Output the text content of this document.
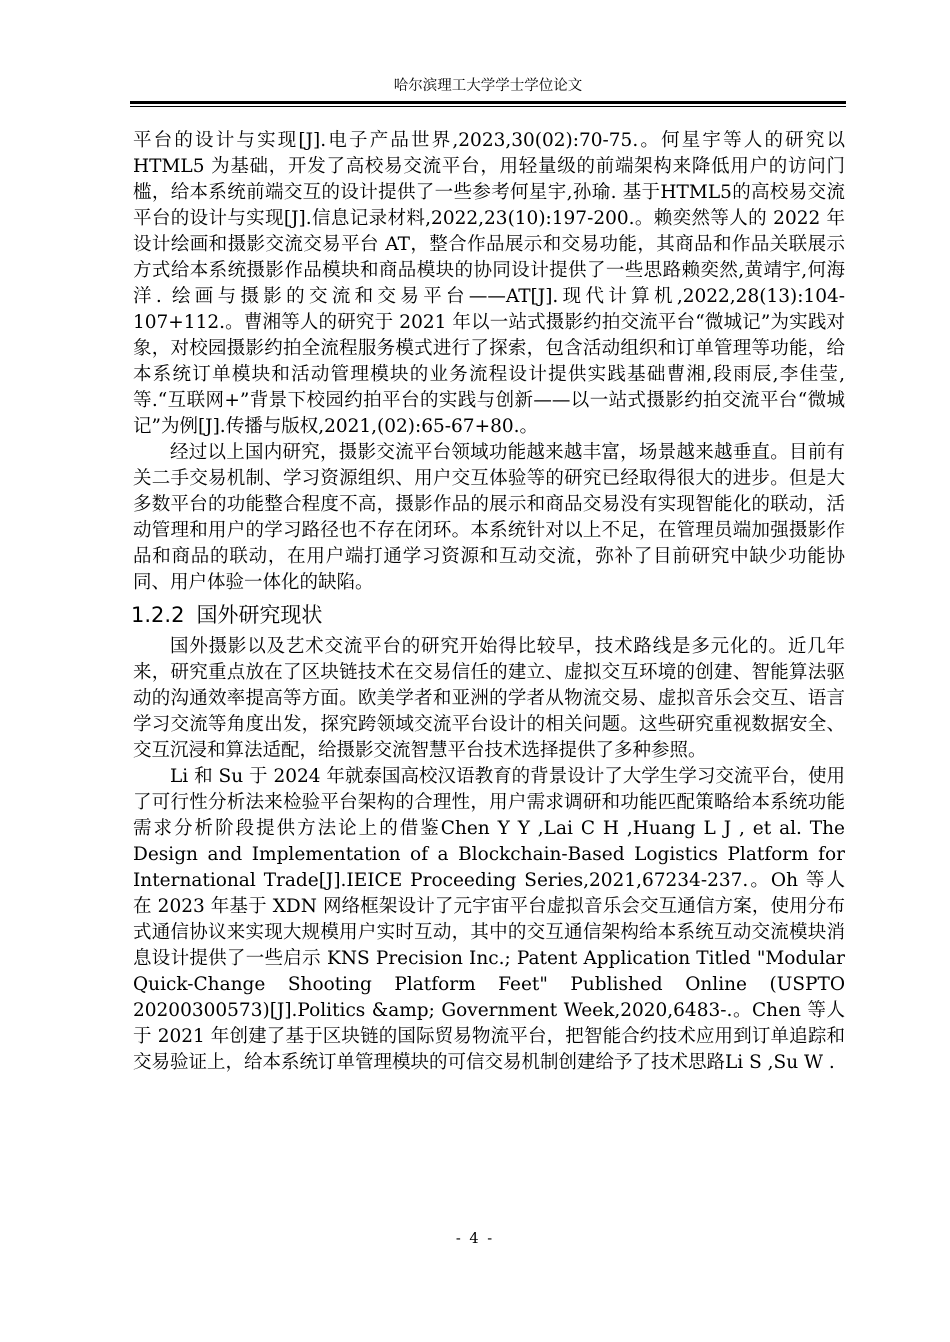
哈尔滨理工大学学士学位论文

平台的设计与实现[J].电子产品世界,2023,30(02):70-75.。何星宇等人的研究以 HTML5 为基础，开发了高校易交流平台，用轻量级的前端架构来降低用户的访问门槛，给本系统前端交互的设计提供了一些参考何星宇,孙瑜. 基于HTML5的高校易交流平台的设计与实现[J].信息记录材料,2022,23(10):197-200.。赖奕然等人的 2022 年设计绘画和摄影交流交易平台 AT，整合作品展示和交易功能，其商品和作品关联展示方式给本系统摄影作品模块和商品模块的协同设计提供了一些思路赖奕然,黄靖宇,何海洋. 绘画与摄影的交流和交易平台——AT[J].现代计算机,2022,28(13):104-107+112.。曹湘等人的研究于 2021 年以一站式摄影约拍交流平台“微城记”为实践对象，对校园摄影约拍全流程服务模式进行了探索，包含活动组织和订单管理等功能，给本系统订单模块和活动管理模块的业务流程设计提供实践基础曹湘,段雨辰,李佳莹,等.“互联网+”背景下校园约拍平台的实践与创新——以一站式摄影约拍交流平台“微城记”为例[J].传播与版权,2021,(02):65-67+80.。

经过以上国内研究，摄影交流平台领域功能越来越丰富，场景越来越垂直。目前有关二手交易机制、学习资源组织、用户交互体验等的研究已经取得很大的进步。但是大多数平台的功能整合程度不高，摄影作品的展示和商品交易没有实现智能化的联动，活动管理和用户的学习路径也不存在闭环。本系统针对以上不足，在管理员端加强摄影作品和商品的联动，在用户端打通学习资源和互动交流，弥补了目前研究中缺少功能协同、用户体验一体化的缺陷。

1.2.2 国外研究现状

国外摄影以及艺术交流平台的研究开始得比较早，技术路线是多元化的。近几年来，研究重点放在了区块链技术在交易信任的建立、虚拟交互环境的创建、智能算法驱动的沟通效率提高等方面。欧美学者和亚洲的学者从物流交易、虚拟音乐会交互、语言学习交流等角度出发，探究跨领域交流平台设计的相关问题。这些研究重视数据安全、交互沉浸和算法适配，给摄影交流智慧平台技术选择提供了多种参照。

Li 和 Su 于 2024 年就泰国高校汉语教育的背景设计了大学生学习交流平台，使用了可行性分析法来检验平台架构的合理性，用户需求调研和功能匹配策略给本系统功能需求分析阶段提供方法论上的借鉴Chen Y Y ,Lai C H ,Huang L J , et al. The Design and Implementation of a Blockchain-Based Logistics Platform for International Trade[J].IEICE Proceeding Series,2021,67234-237.。Oh 等人在 2023 年基于 XDN 网络框架设计了元宇宙平台虚拟音乐会交互通信方案，使用分布式通信协议来实现大规模用户实时互动，其中的交互通信架构给本系统互动交流模块消息设计提供了一些启示 KNS Precision Inc.; Patent Application Titled "Modular Quick-Change Shooting Platform Feet" Published Online (USPTO 20200300573)[J].Politics &amp; Government Week,2020,6483-.。Chen 等人于 2021 年创建了基于区块链的国际贸易物流平台，把智能合约技术应用到订单追踪和交易验证上，给本系统订单管理模块的可信交易机制创建给予了技术思路Li S ,Su W .

- 4 -
